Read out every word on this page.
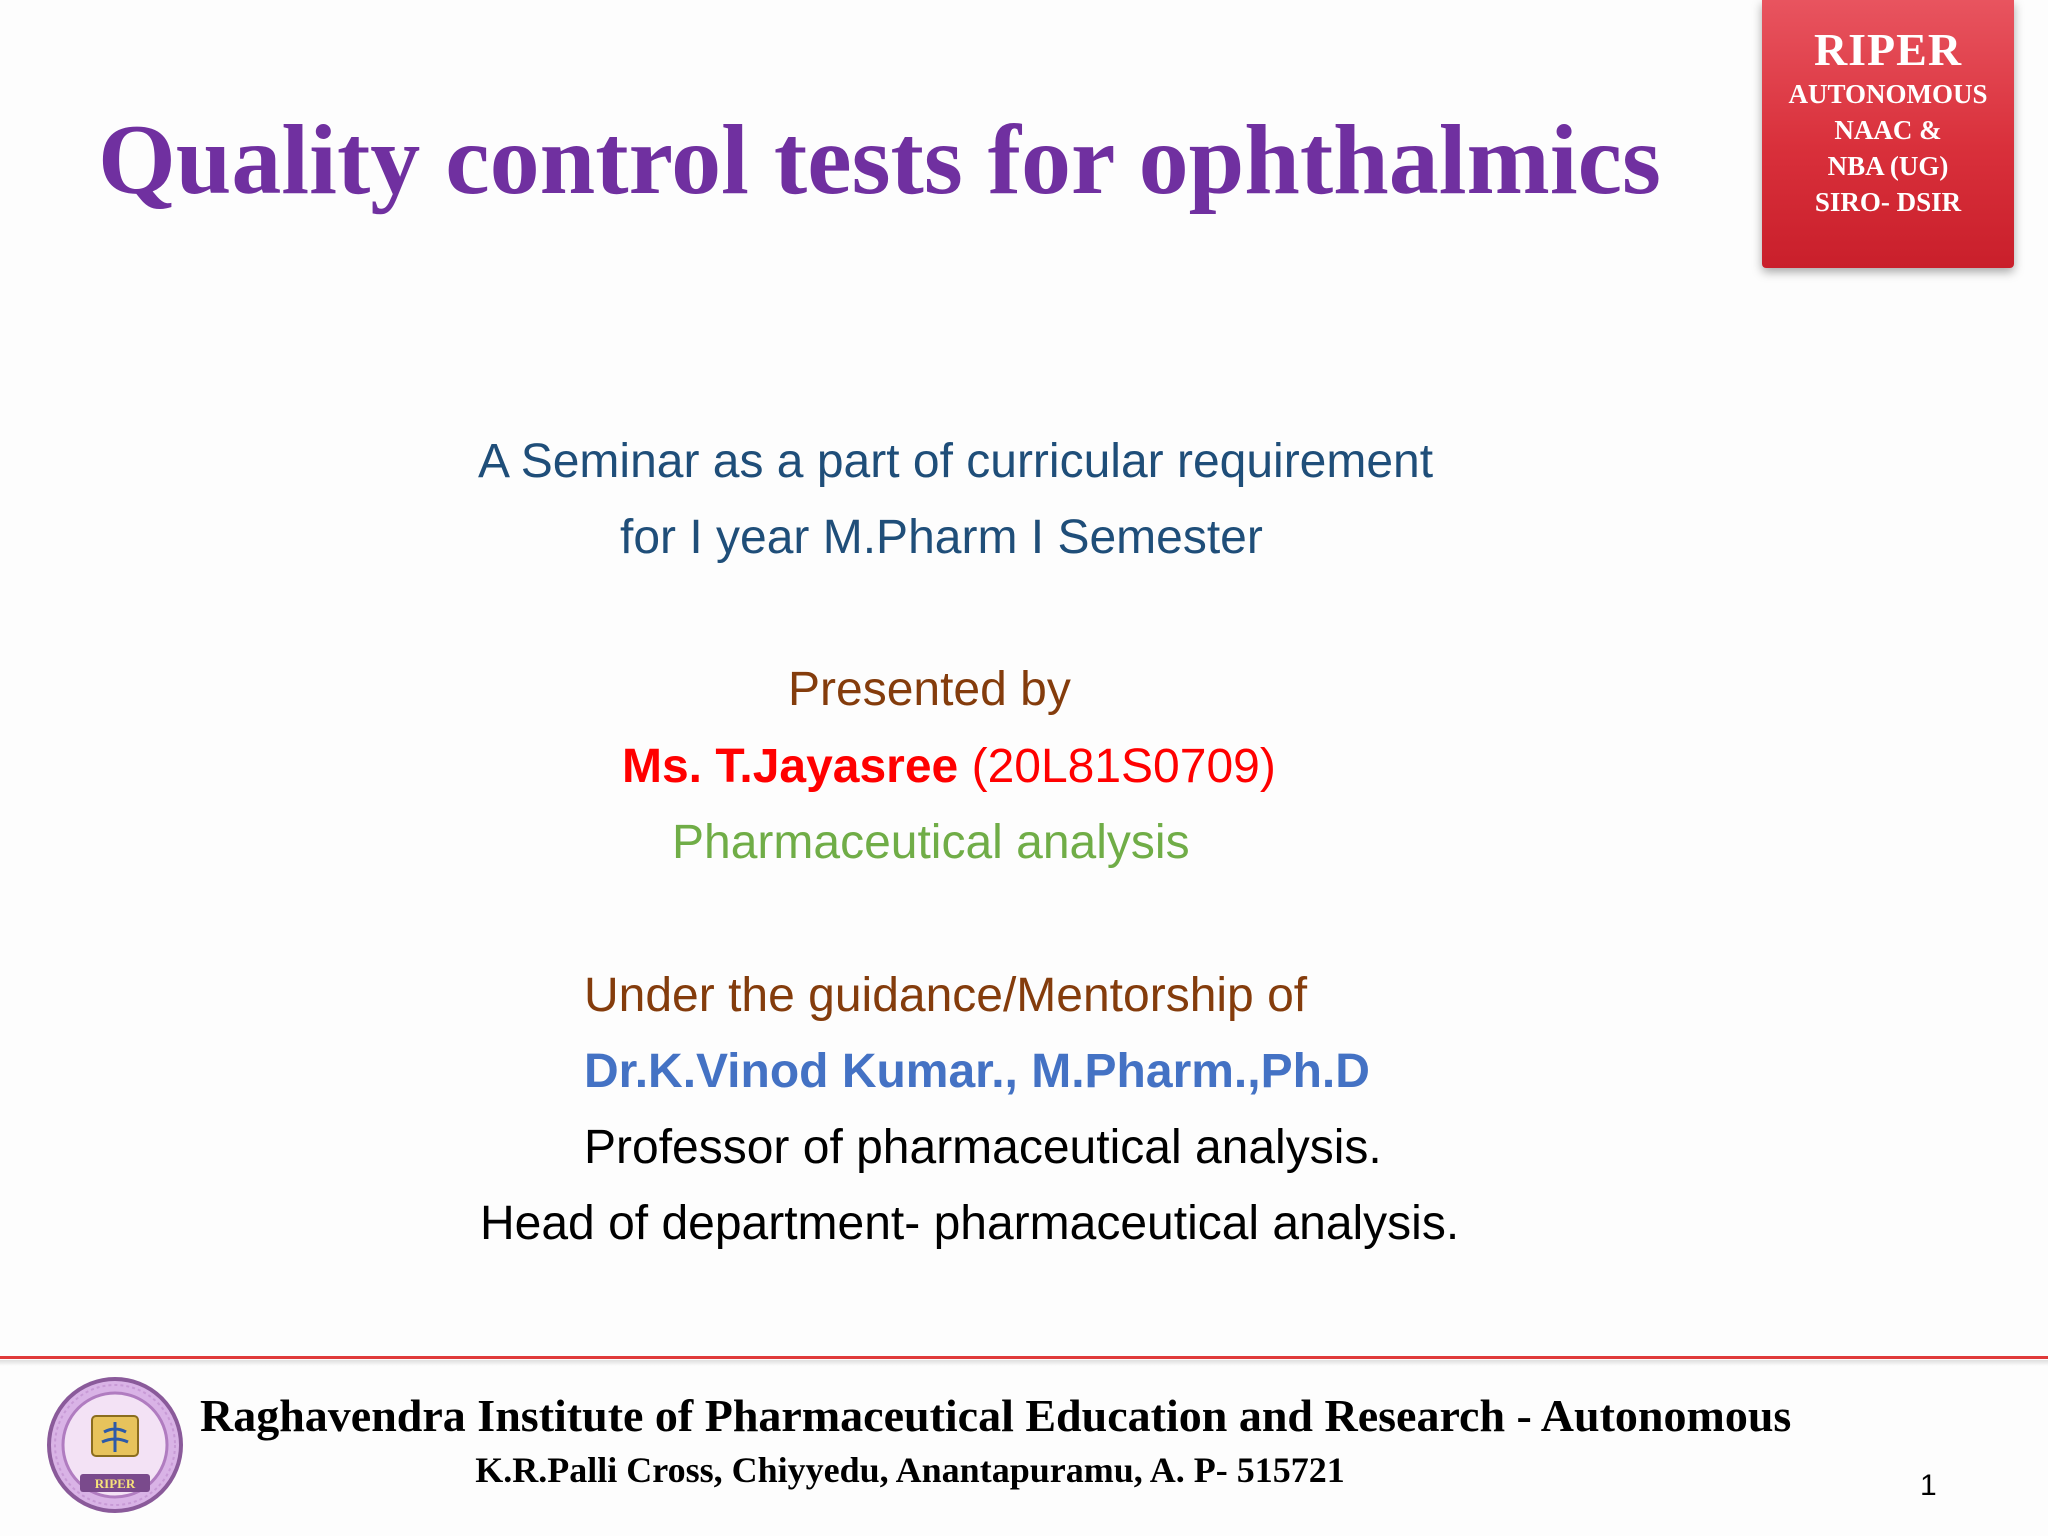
Quality control tests for ophthalmics
RIPER
AUTONOMOUS
NAAC &
NBA (UG)
SIRO- DSIR
A Seminar as a part of curricular requirement
for I year M.Pharm I Semester
Presented by
Ms. T.Jayasree (20L81S0709)
Pharmaceutical analysis
Under the guidance/Mentorship of
Dr.K.Vinod Kumar., M.Pharm.,Ph.D
Professor of pharmaceutical analysis.
Head of department- pharmaceutical analysis.
RIPER
Raghavendra Institute of Pharmaceutical Education and Research - Autonomous
K.R.Palli Cross, Chiyyedu, Anantapuramu, A. P- 515721	1
